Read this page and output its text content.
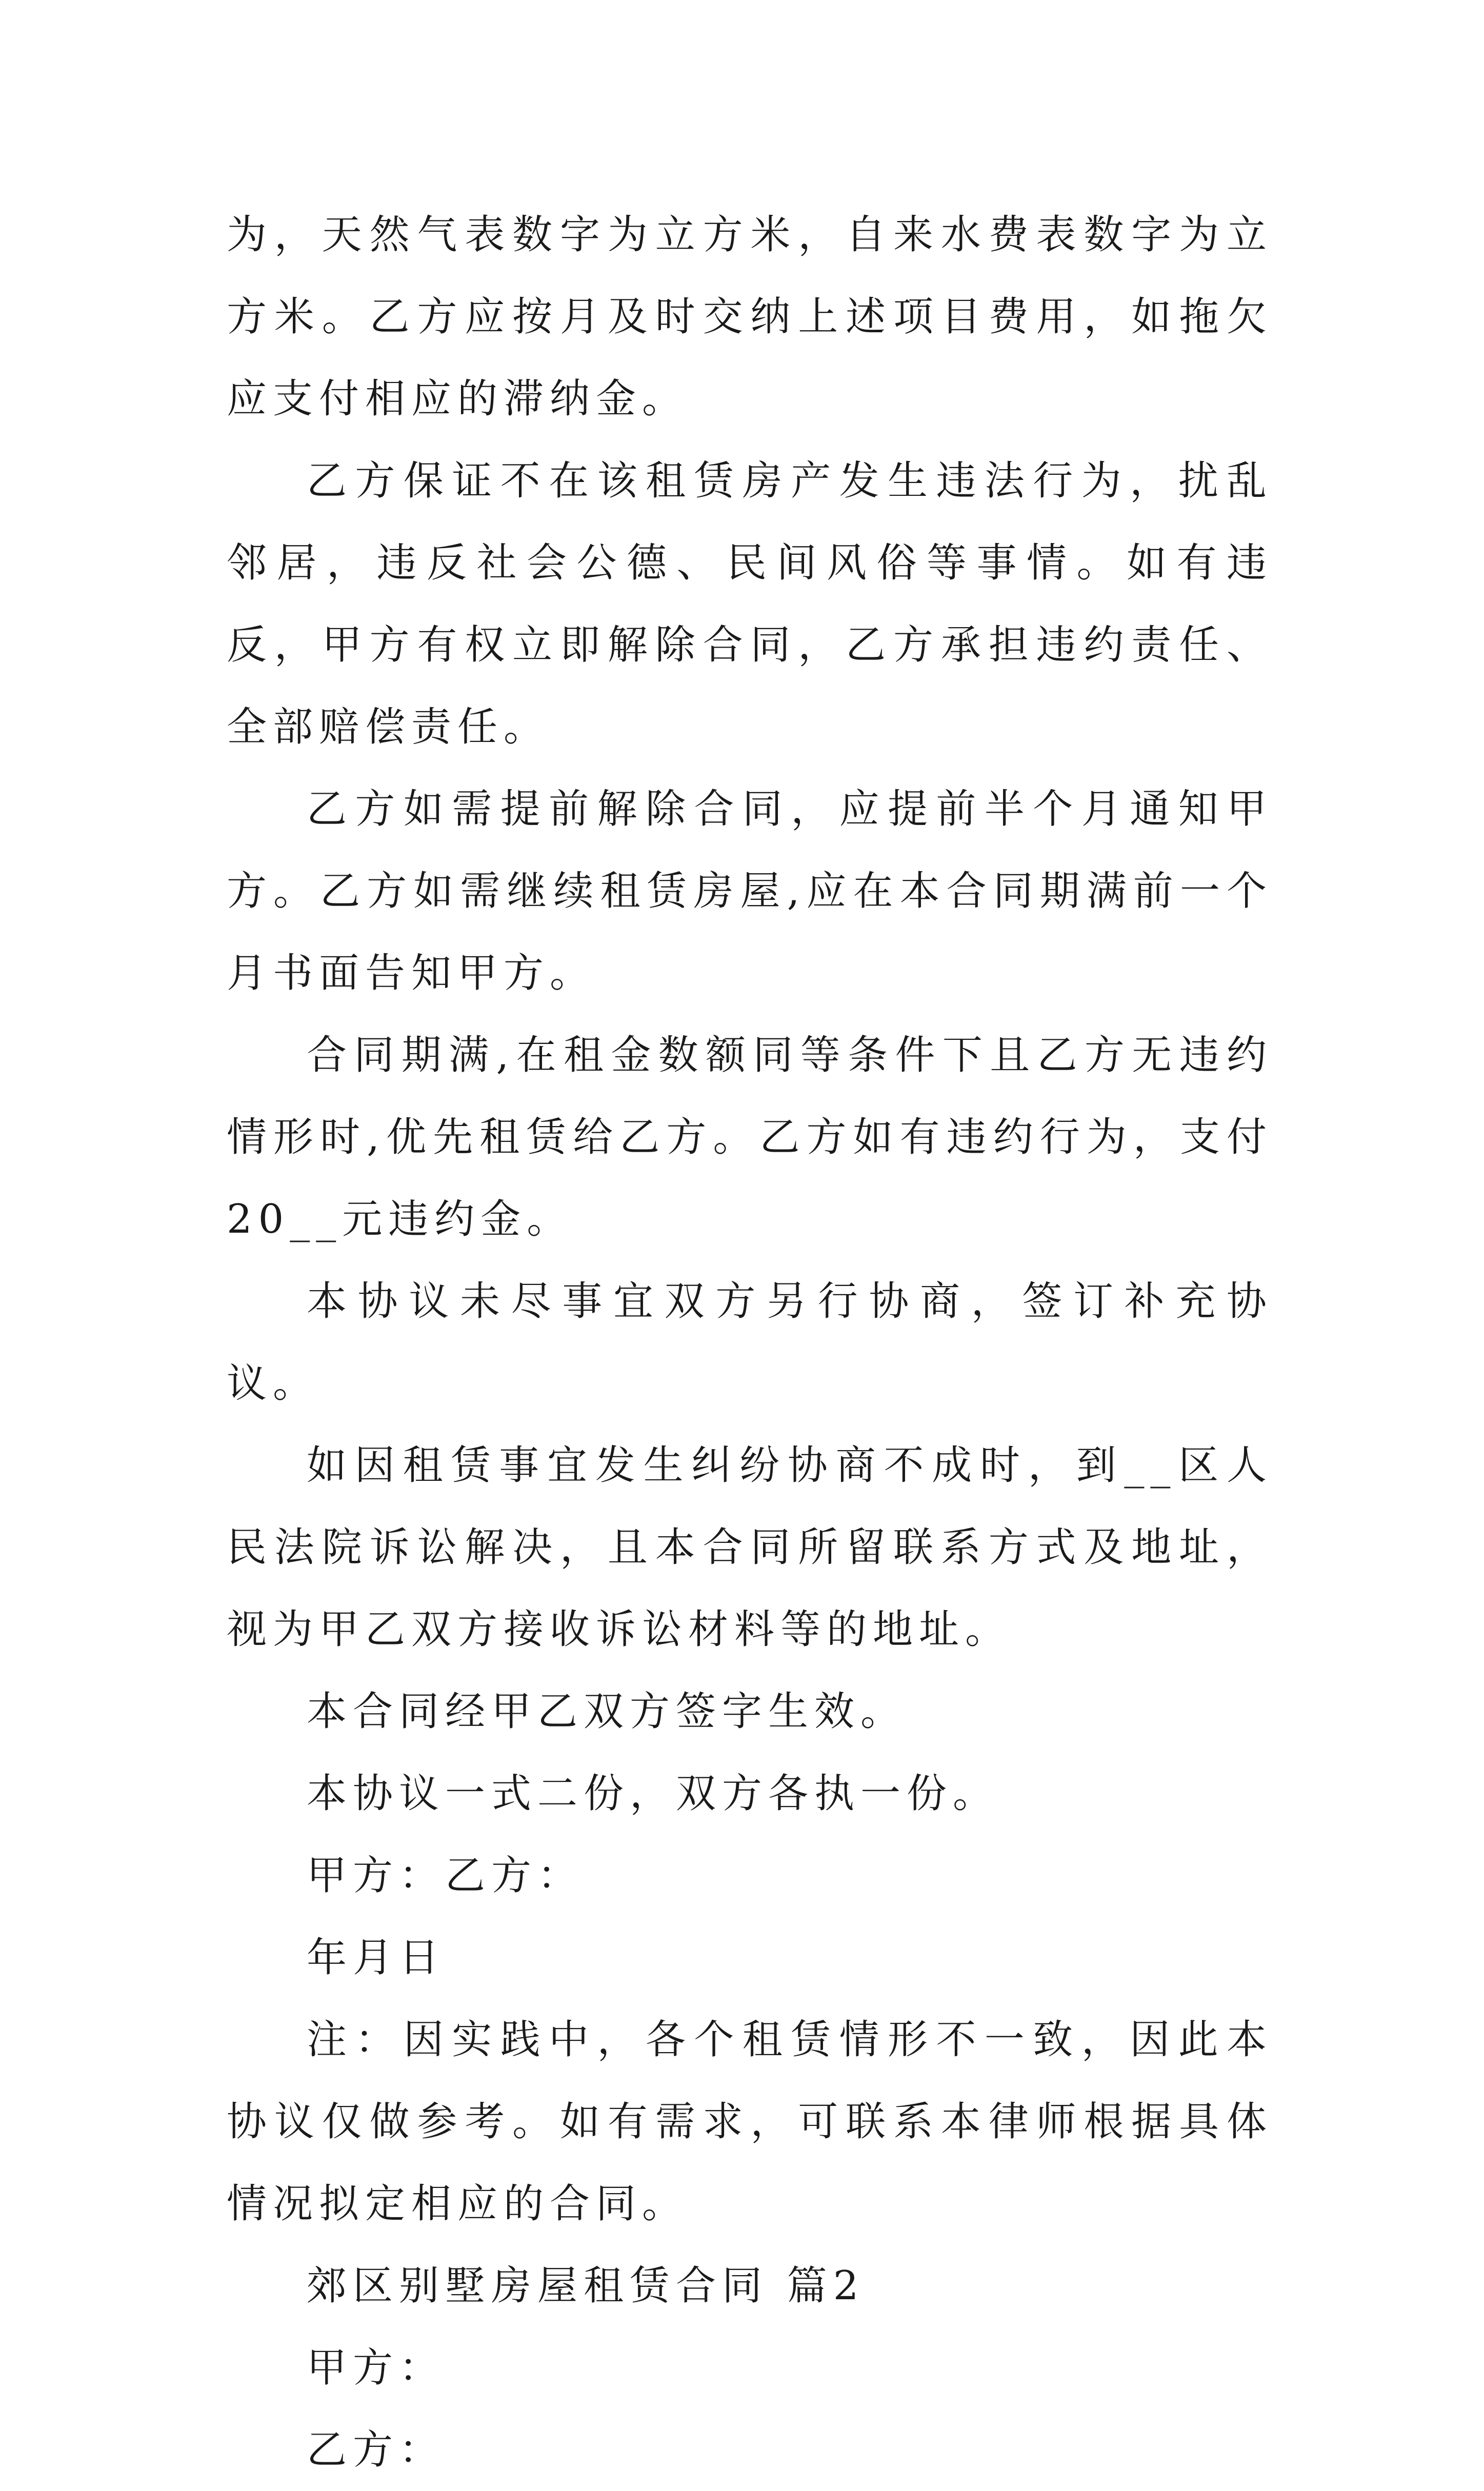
为，天然气表数字为立方米，自来水费表数字为立方米。乙方应按月及时交纳上述项目费用，如拖欠应支付相应的滞纳金。

乙方保证不在该租赁房产发生违法行为，扰乱邻居，违反社会公德、民间风俗等事情。如有违反，甲方有权立即解除合同，乙方承担违约责任、全部赔偿责任。

乙方如需提前解除合同，应提前半个月通知甲方。乙方如需继续租赁房屋,应在本合同期满前一个月书面告知甲方。

合同期满,在租金数额同等条件下且乙方无违约情形时,优先租赁给乙方。乙方如有违约行为，支付20__元违约金。

本协议未尽事宜双方另行协商，签订补充协议。

如因租赁事宜发生纠纷协商不成时，到__区人民法院诉讼解决，且本合同所留联系方式及地址，视为甲乙双方接收诉讼材料等的地址。

本合同经甲乙双方签字生效。

本协议一式二份，双方各执一份。

甲方：乙方：

年月日

注：因实践中，各个租赁情形不一致，因此本协议仅做参考。如有需求，可联系本律师根据具体情况拟定相应的合同。

郊区别墅房屋租赁合同 篇2

甲方：

乙方：
